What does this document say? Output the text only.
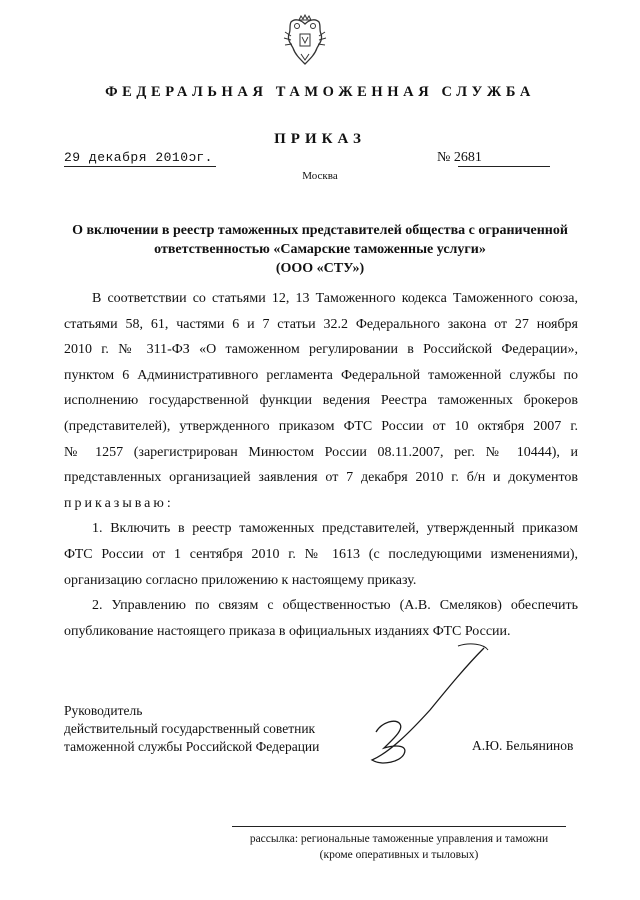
ФЕДЕРАЛЬНАЯ ТАМОЖЕННАЯ СЛУЖБА
ПРИКАЗ
29 декабря 2010ɔг.	№ 2681
Москва
О включении в реестр таможенных представителей общества с ограниченной
ответственностью «Самарские таможенные услуги»
(ООО «СТУ»)
В соответствии со статьями 12, 13 Таможенного кодекса Таможенного союза,
статьями 58, 61, частями 6 и 7 статьи 32.2 Федерального закона от 27 ноября
2010 г. № 311-ФЗ «О таможенном регулировании в Российской Федерации»,
пунктом 6 Административного регламента Федеральной таможенной службы по
исполнению государственной функции ведения Реестра таможенных брокеров
(представителей), утвержденного приказом ФТС России от 10 октября 2007 г.
№ 1257 (зарегистрирован Минюстом России 08.11.2007, рег. № 10444), и
представленных организацией заявления от 7 декабря 2010 г. б/н и документов
приказываю:
1. Включить в реестр таможенных представителей, утвержденный приказом
ФТС России от 1 сентября 2010 г. № 1613 (с последующими изменениями),
организацию согласно приложению к настоящему приказу.
2. Управлению по связям с общественностью (А.В. Смеляков) обеспечить
опубликование настоящего приказа в официальных изданиях ФТС России.
Руководитель
действительный государственный советник
таможенной службы Российской Федерации	А.Ю. Бельянинов
рассылка: региональные таможенные управления и таможни
(кроме оперативных и тыловых)
